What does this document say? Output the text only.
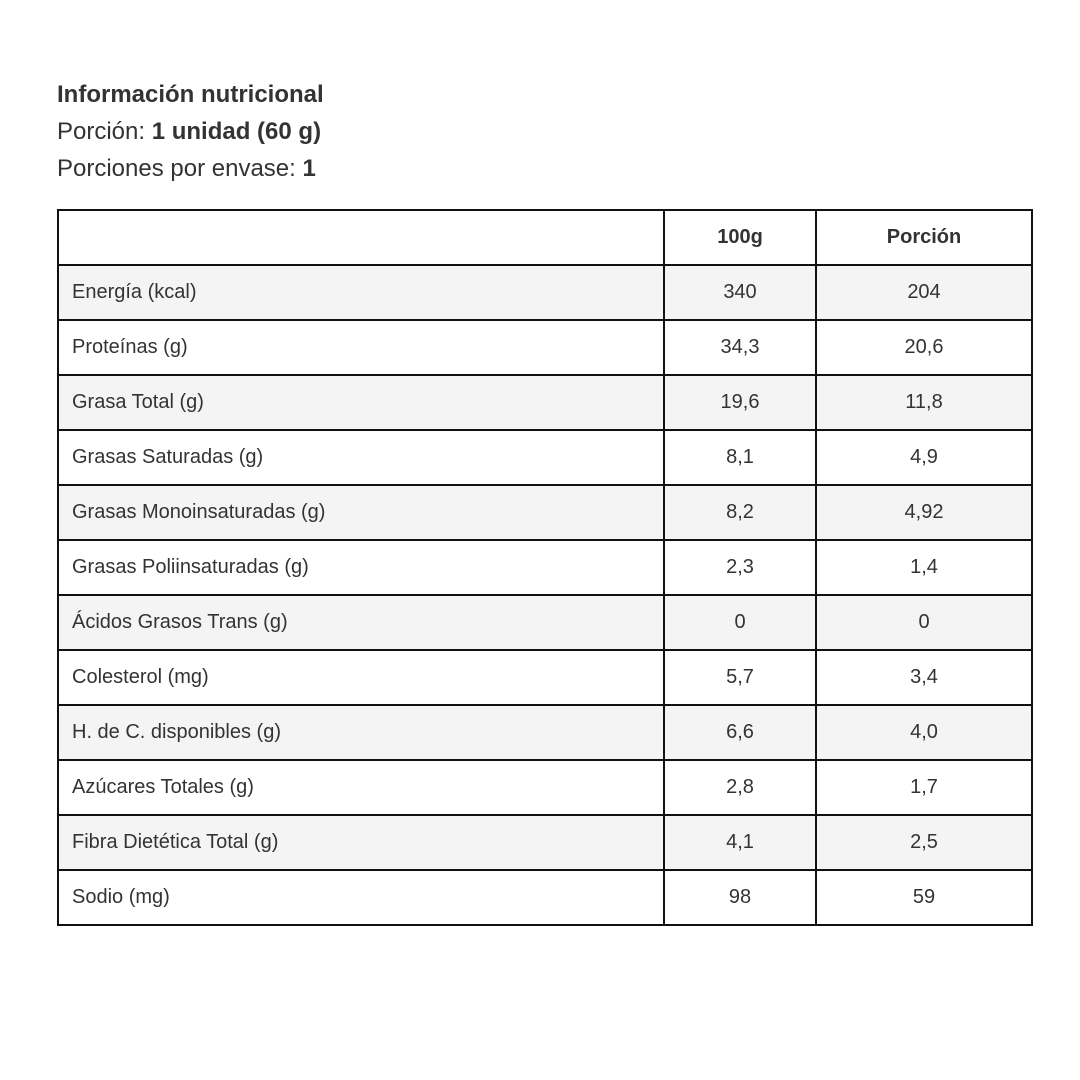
Información nutricional
Porción: 1 unidad (60 g)
Porciones por envase: 1
	100g	Porción
Energía (kcal)	340	204
Proteínas (g)	34,3	20,6
Grasa Total (g)	19,6	11,8
Grasas Saturadas (g)	8,1	4,9
Grasas Monoinsaturadas (g)	8,2	4,92
Grasas Poliinsaturadas (g)	2,3	1,4
Ácidos Grasos Trans (g)	0	0
Colesterol (mg)	5,7	3,4
H. de C. disponibles (g)	6,6	4,0
Azúcares Totales (g)	2,8	1,7
Fibra Dietética Total (g)	4,1	2,5
Sodio (mg)	98	59
